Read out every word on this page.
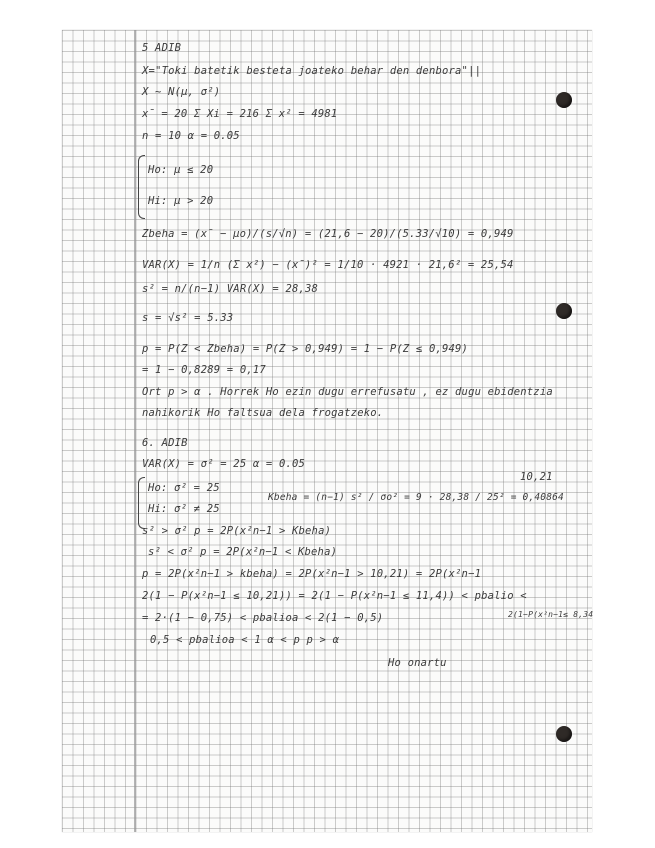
5 ADIB
X="Toki batetik besteta joateko behar den denbora"||
X ~ N(μ, σ²)
x̄ = 20 Σ Xi = 216 Σ x² = 4981
n = 10 α = 0.05
Ho: μ ≤ 20
Hi: μ > 20
Zbeha = (x̄ − μo)/(s/√n) = (21,6 − 20)/(5.33/√10) = 0,949
VAR(X) = 1/n (Σ x²) − (x̄)² = 1/10 · 4921 · 21,6² = 25,54
s² = n/(n−1) VAR(X) = 28,38
s = √s² = 5.33
p = P(Z < Zbeha) = P(Z > 0,949) = 1 − P(Z ≤ 0,949)
= 1 − 0,8289 = 0,17
Ort p > α . Horrek Ho ezin dugu errefusatu , ez dugu ebidentzia
nahikorik Ho faltsua dela frogatzeko.
6. ADIB
VAR(X) = σ² = 25 α = 0.05
Ho: σ² = 25
Hi: σ² ≠ 25
Kbeha = (n−1) s² / σo² = 9 · 28,38 / 25² = 0,40864
10,21
s² > σ² p = 2P(x²n−1 > Kbeha)
s² < σ² p = 2P(x²n−1 < Kbeha)
p = 2P(x²n−1 > kbeha) = 2P(x²n−1 > 10,21) = 2P(x²n−1
2(1 − P(x²n−1 ≤ 10,21)) = 2(1 − P(x²n−1 ≤ 11,4)) < pbalio <
= 2·(1 − 0,75) < pbalioa < 2(1 − 0,5)	2(1−P(x²n−1≤ 8,34
0,5 < pbalioa < 1 α < p p > α
Ho onartu
